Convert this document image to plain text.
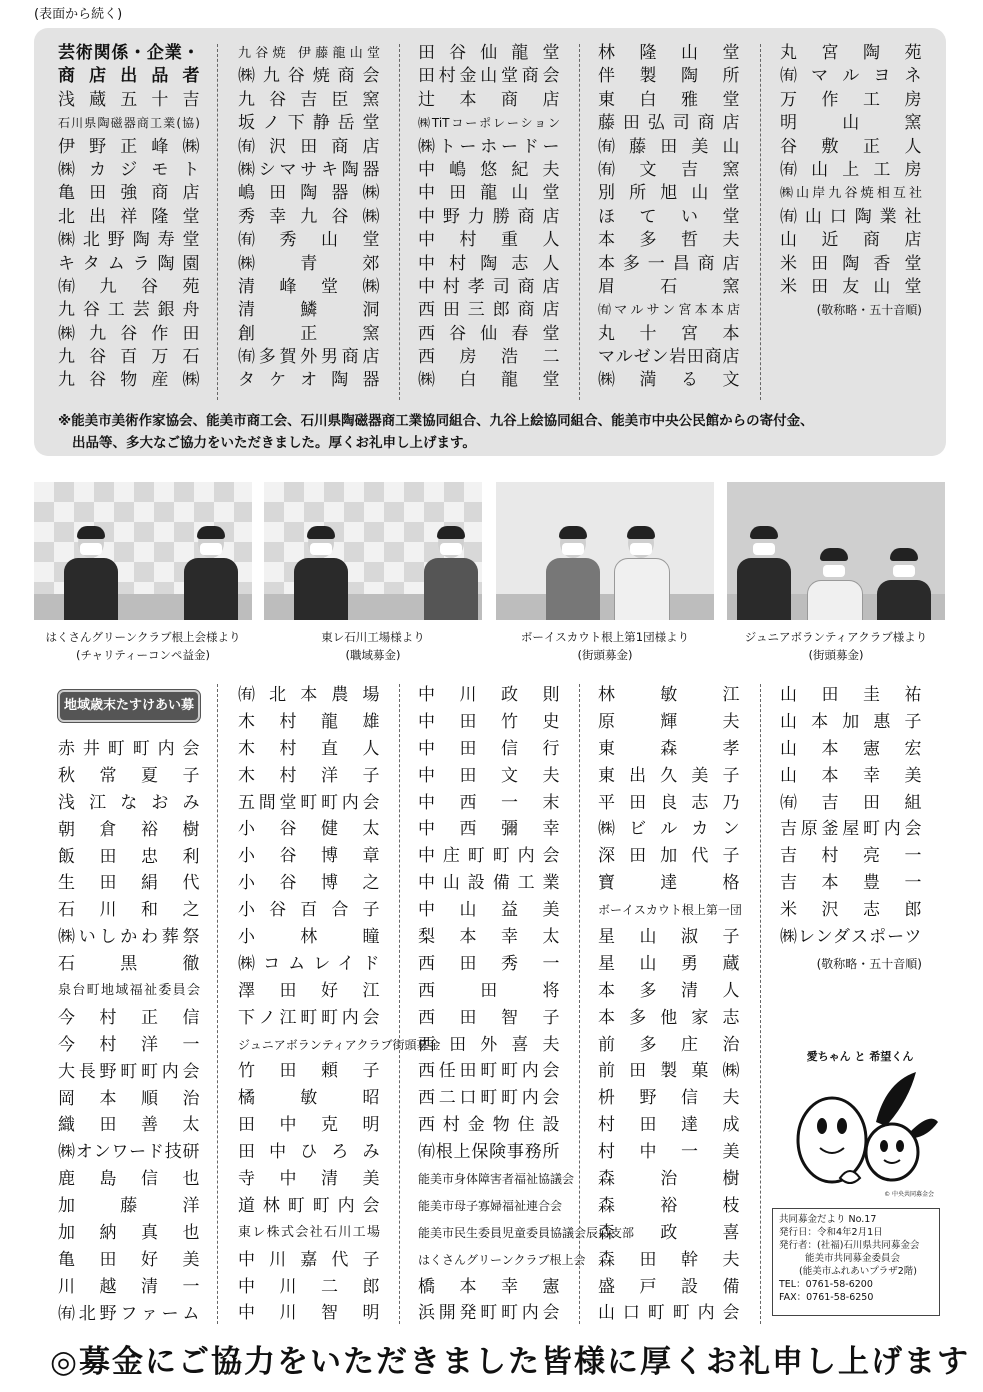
(表面から続く)
芸術関係・企業・
商店出品者
浅蔵五十吉
石川県陶磁器商工業(協)
伊野正峰㈱
㈱カジモト
亀田強商店
北出祥隆堂
㈱北野陶寿堂
キタムラ陶園
㈲九谷苑
九谷工芸銀舟
㈱九谷作田
九谷百万石
九谷物産㈱
九谷焼 伊藤龍山堂
㈱九谷焼商会
九谷吉臣窯
坂ノ下静岳堂
㈲沢田商店
㈱シマサキ陶器
嶋田陶器㈱
秀幸九谷㈱
㈲秀山堂
㈱青郊
清峰堂㈱
清鱗洞
創正窯
㈲多賀外男商店
タケオ陶器
田谷仙龍堂
田村金山堂商会
辻本商店
㈱TiTコーポレーション
㈱トーホードー
中嶋悠紀夫
中田龍山堂
中野力勝商店
中村重人
中村陶志人
中村孝司商店
西田三郎商店
西谷仙春堂
西房浩二
㈱白龍堂
林隆山堂
伴製陶所
東白雅堂
藤田弘司商店
㈲藤田美山
㈲文吉窯
別所旭山堂
ほてい堂
本多哲夫
本多一昌商店
眉石窯
㈲マルサン宮本本店
丸十宮本
マルゼン岩田商店
㈱満る文
丸宮陶苑
㈲マルヨネ
万作工房
明山窯
谷敷正人
㈲山上工房
㈱山岸九谷焼相互社
㈲山口陶業社
山近商店
米田陶香堂
米田友山堂
(敬称略・五十音順)
※能美市美術作家協会、能美市商工会、石川県陶磁器商工業協同組合、九谷上絵協同組合、能美市中央公民館からの寄付金、
出品等、多大なご協力をいただきました。厚くお礼申し上げます。
はくさんグリーンクラブ根上会様より
(チャリティーコンペ益金)
東レ石川工場様より
(職域募金)
ボーイスカウト根上第1団様より
(街頭募金)
ジュニアボランティアクラブ様より
(街頭募金)
地域歳末たすけあい募金
赤井町町内会
秋常夏子
浅江なおみ
朝倉裕樹
飯田忠利
生田絹代
石川和之
㈱いしかわ葬祭
石黒徹
泉台町地域福祉委員会
今村正信
今村洋一
大長野町町内会
岡本順治
織田善太
㈱オンワード技研
鹿島信也
加藤洋
加納真也
亀田好美
川越清一
㈲北野ファーム
㈲北本農場
木村龍雄
木村直人
木村洋子
五間堂町町内会
小谷健太
小谷博章
小谷博之
小谷百合子
小林瞳
㈱コムレイド
澤田好江
下ノ江町町内会
ジュニアボランティアクラブ街頭募金
竹田頼子
橘敏昭
田中克明
田中ひろみ
寺中清美
道林町町内会
東レ株式会社石川工場
中川嘉代子
中川二郎
中川智明
中川政則
中田竹史
中田信行
中田文夫
中西一末
中西彌幸
中庄町町内会
中山設備工業
中山益美
梨本幸太
西田秀一
西田将
西田智子
西田外喜夫
西任田町町内会
西二口町町内会
西村金物住設
㈲根上保険事務所
能美市身体障害者福祉協議会
能美市母子寡婦福祉連合会
能美市民生委員児童委員協議会辰口支部
はくさんグリーンクラブ根上会
橋本幸憲
浜開発町町内会
林敏江
原輝夫
東森孝
東出久美子
平田良志乃
㈱ビルカン
深田加代子
寶達格
ボーイスカウト根上第一団
星山淑子
星山勇蔵
本多清人
本多他家志
前多庄治
前田製菓㈱
枡野信夫
村田達成
村中一美
森治樹
森裕枝
森政喜
森田幹夫
盛戸設備
山口町町内会
山田圭祐
山本加惠子
山本憲宏
山本幸美
㈲吉田組
吉原釜屋町内会
吉村亮一
吉本豊一
米沢志郎
㈱レンダスポーツ
(敬称略・五十音順)
愛ちゃん と 希望くん
© 中央共同募金会
共同募金だより No.17
発行日：令和4年2月1日
発行者：(社福)石川県共同募金会
能美市共同募金委員会
(能美市ふれあいプラザ2階)
TEL：0761-58-6200
FAX：0761-58-6250
◎募金にご協力をいただきました皆様に厚くお礼申し上げます
